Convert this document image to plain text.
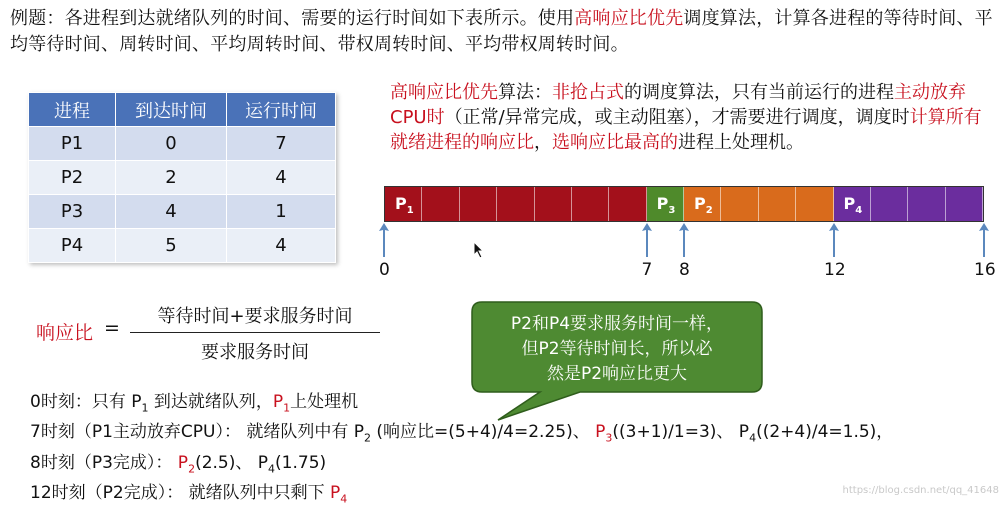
例题：各进程到达就绪队列的时间、需要的运行时间如下表所示。使用高响应比优先调度算法，计算各进程的等待时间、平均等待时间、周转时间、平均周转时间、带权周转时间、平均带权周转时间。
进程	到达时间	运行时间
P1	0	7
P2	2	4
P3	4	1
P4	5	4
高响应比优先算法：非抢占式的调度算法，只有当前运行的进程主动放弃CPU时（正常/异常完成，或主动阻塞），才需要进行调度，调度时计算所有就绪进程的响应比，选响应比最高的进程上处理机。
$P_1$	$P_3$ $P_2$	$P_4$
0	7 8	12	16
响应比 =
等待时间+要求服务时间
要求服务时间
P2和P4要求服务时间一样，
但P2等待时间长，所以必
然是P2响应比更大
0时刻：只有 $P_1$ 到达就绪队列，$P_1$上处理机
7时刻（P1主动放弃CPU）： 就绪队列中有 $P_2$ (响应比=(5+4)/4=2.25)、 $P_3((3+1)/1=3)$、 $P_4((2+4)/4=1.5)$，
8时刻（P3完成）： $P_2(2.5)$、 $P_4(1.75)$
12时刻（P2完成）： 就绪队列中只剩下 $P_4$
https://blog.csdn.net/qq_41648
